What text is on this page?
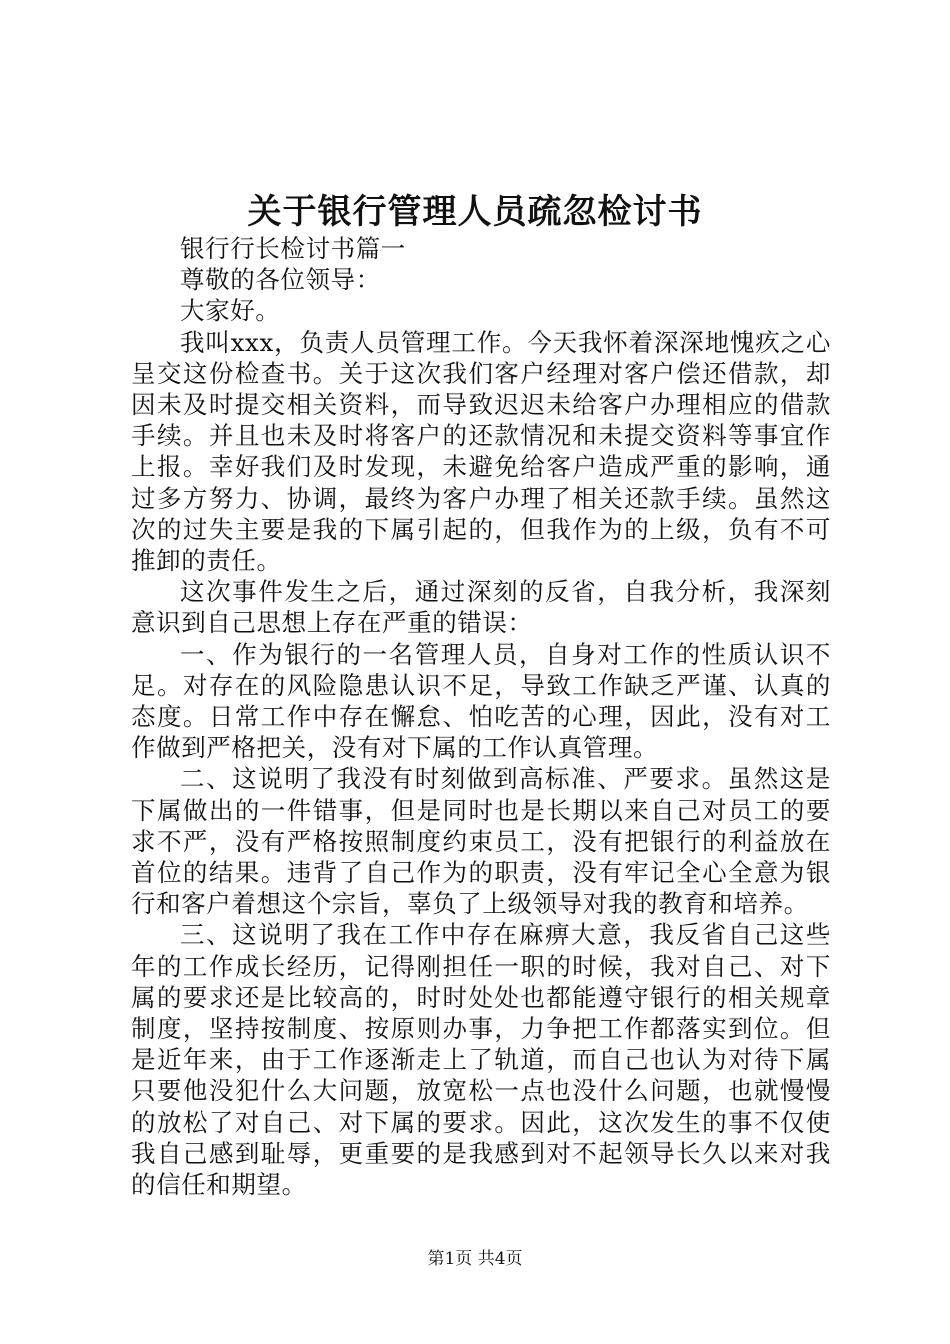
关于银行管理人员疏忽检讨书

银行行长检讨书篇一

尊敬的各位领导：

大家好。

我叫xxx，负责人员管理工作。今天我怀着深深地愧疚之心呈交这份检查书。关于这次我们客户经理对客户偿还借款，却因未及时提交相关资料，而导致迟迟未给客户办理相应的借款手续。并且也未及时将客户的还款情况和未提交资料等事宜作上报。幸好我们及时发现，未避免给客户造成严重的影响，通过多方努力、协调，最终为客户办理了相关还款手续。虽然这次的过失主要是我的下属引起的，但我作为的上级，负有不可推卸的责任。

这次事件发生之后，通过深刻的反省，自我分析，我深刻意识到自己思想上存在严重的错误：

一、作为银行的一名管理人员，自身对工作的性质认识不足。对存在的风险隐患认识不足，导致工作缺乏严谨、认真的态度。日常工作中存在懈怠、怕吃苦的心理，因此，没有对工作做到严格把关，没有对下属的工作认真管理。

二、这说明了我没有时刻做到高标准、严要求。虽然这是下属做出的一件错事，但是同时也是长期以来自己对员工的要求不严，没有严格按照制度约束员工，没有把银行的利益放在首位的结果。违背了自己作为的职责，没有牢记全心全意为银行和客户着想这个宗旨，辜负了上级领导对我的教育和培养。

三、这说明了我在工作中存在麻痹大意，我反省自己这些年的工作成长经历，记得刚担任一职的时候，我对自己、对下属的要求还是比较高的，时时处处也都能遵守银行的相关规章制度，坚持按制度、按原则办事，力争把工作都落实到位。但是近年来，由于工作逐渐走上了轨道，而自己也认为对待下属只要他没犯什么大问题，放宽松一点也没什么问题，也就慢慢的放松了对自己、对下属的要求。因此，这次发生的事不仅使我自己感到耻辱，更重要的是我感到对不起领导长久以来对我的信任和期望。

第1页 共4页
